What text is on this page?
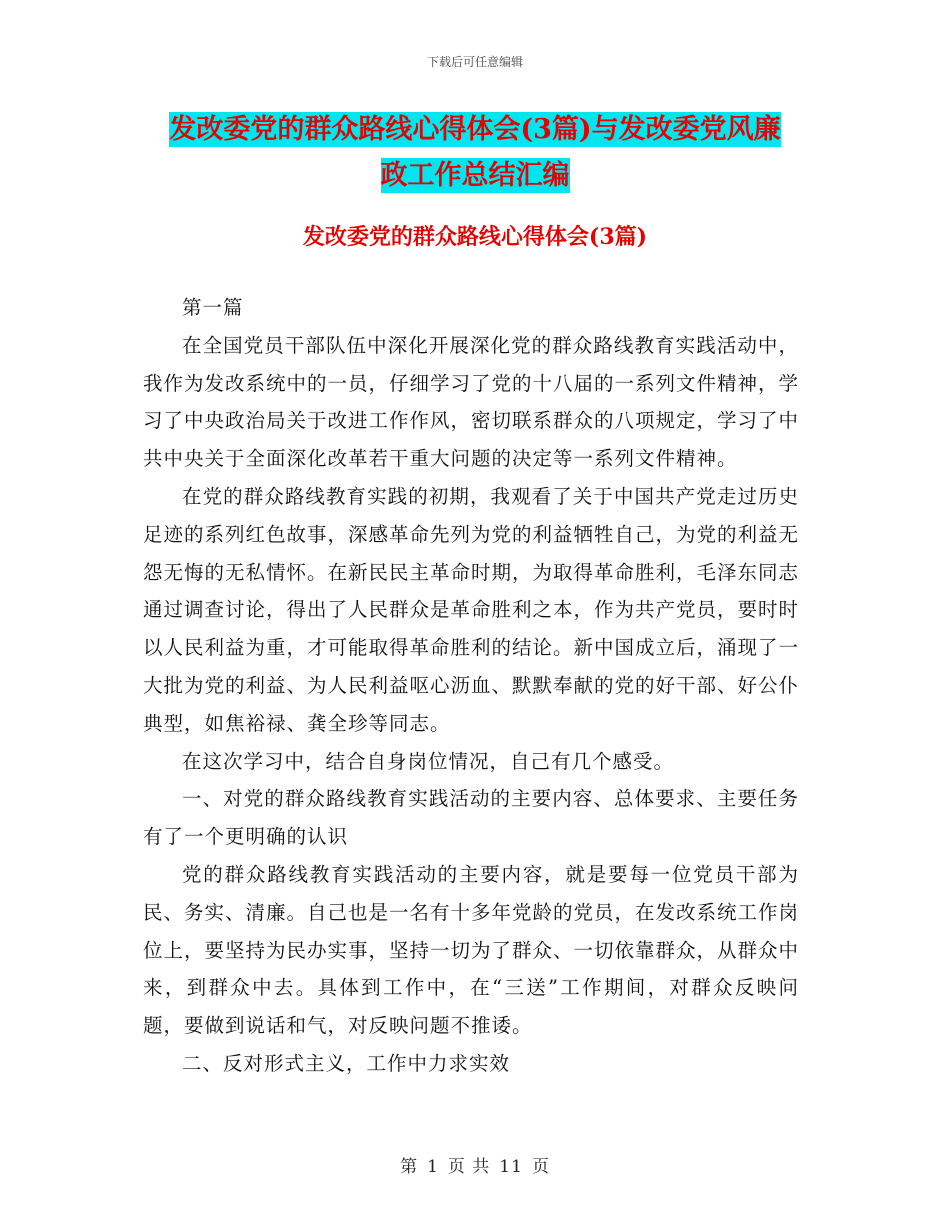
下载后可任意编辑
发改委党的群众路线心得体会(3篇)与发改委党风廉
政工作总结汇编
发改委党的群众路线心得体会(3篇)

第一篇

在全国党员干部队伍中深化开展深化党的群众路线教育实践活动中，我作为发改系统中的一员，仔细学习了党的十八届的一系列文件精神，学习了中央政治局关于改进工作作风，密切联系群众的八项规定，学习了中共中央关于全面深化改革若干重大问题的决定等一系列文件精神。

在党的群众路线教育实践的初期，我观看了关于中国共产党走过历史足迹的系列红色故事，深感革命先列为党的利益牺牲自己，为党的利益无怨无悔的无私情怀。在新民民主革命时期，为取得革命胜利，毛泽东同志通过调查讨论，得出了人民群众是革命胜利之本，作为共产党员，要时时以人民利益为重，才可能取得革命胜利的结论。新中国成立后，涌现了一大批为党的利益、为人民利益呕心沥血、默默奉献的党的好干部、好公仆典型，如焦裕禄、龚全珍等同志。

在这次学习中，结合自身岗位情况，自己有几个感受。

一、对党的群众路线教育实践活动的主要内容、总体要求、主要任务有了一个更明确的认识

党的群众路线教育实践活动的主要内容，就是要每一位党员干部为民、务实、清廉。自己也是一名有十多年党龄的党员，在发改系统工作岗位上，要坚持为民办实事，坚持一切为了群众、一切依靠群众，从群众中来，到群众中去。具体到工作中，在“三送”工作期间，对群众反映问题，要做到说话和气，对反映问题不推诿。

二、反对形式主义，工作中力求实效

第 1 页 共 11 页
